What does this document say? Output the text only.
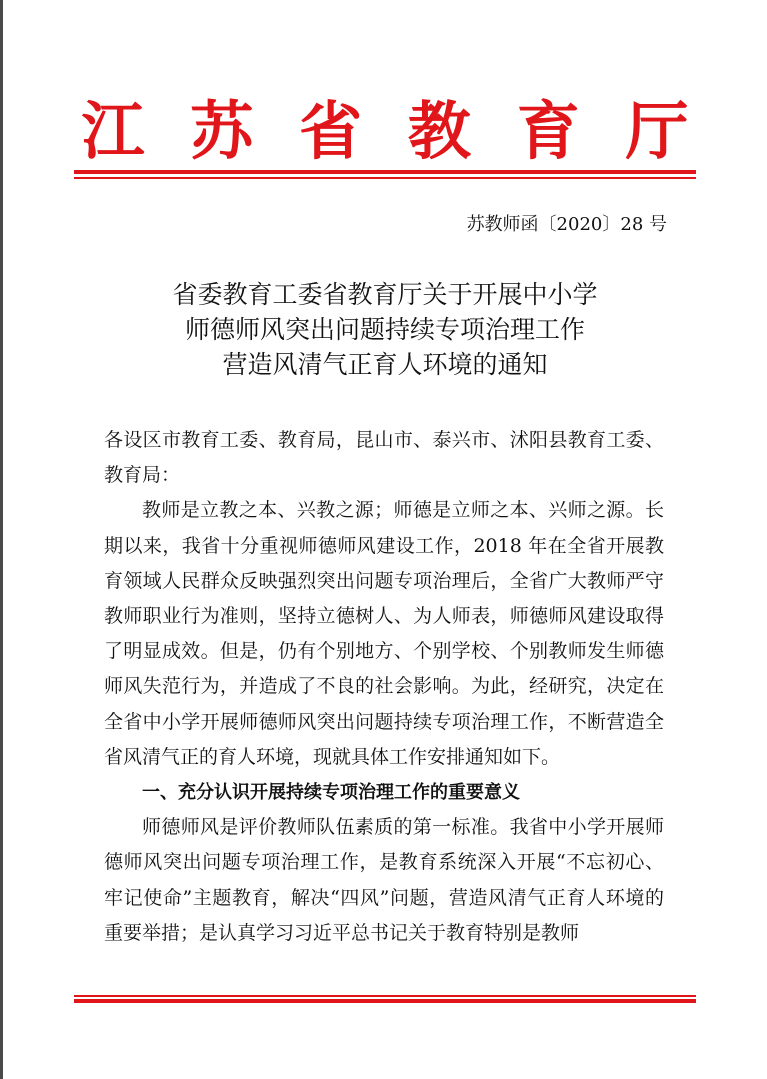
江 苏 省 教 育 厅
苏教师函〔2020〕28 号
省委教育工委省教育厅关于开展中小学
师德师风突出问题持续专项治理工作
营造风清气正育人环境的通知

各设区市教育工委、教育局，昆山市、泰兴市、沭阳县教育工委、教育局：

教师是立教之本、兴教之源；师德是立师之本、兴师之源。长期以来，我省十分重视师德师风建设工作，2018 年在全省开展教育领域人民群众反映强烈突出问题专项治理后，全省广大教师严守教师职业行为准则，坚持立德树人、为人师表，师德师风建设取得了明显成效。但是，仍有个别地方、个别学校、个别教师发生师德师风失范行为，并造成了不良的社会影响。为此，经研究，决定在全省中小学开展师德师风突出问题持续专项治理工作，不断营造全省风清气正的育人环境，现就具体工作安排通知如下。

一、充分认识开展持续专项治理工作的重要意义

师德师风是评价教师队伍素质的第一标准。我省中小学开展师德师风突出问题专项治理工作，是教育系统深入开展“不忘初心、牢记使命”主题教育，解决“四风”问题，营造风清气正育人环境的重要举措；是认真学习习近平总书记关于教育特别是教师
